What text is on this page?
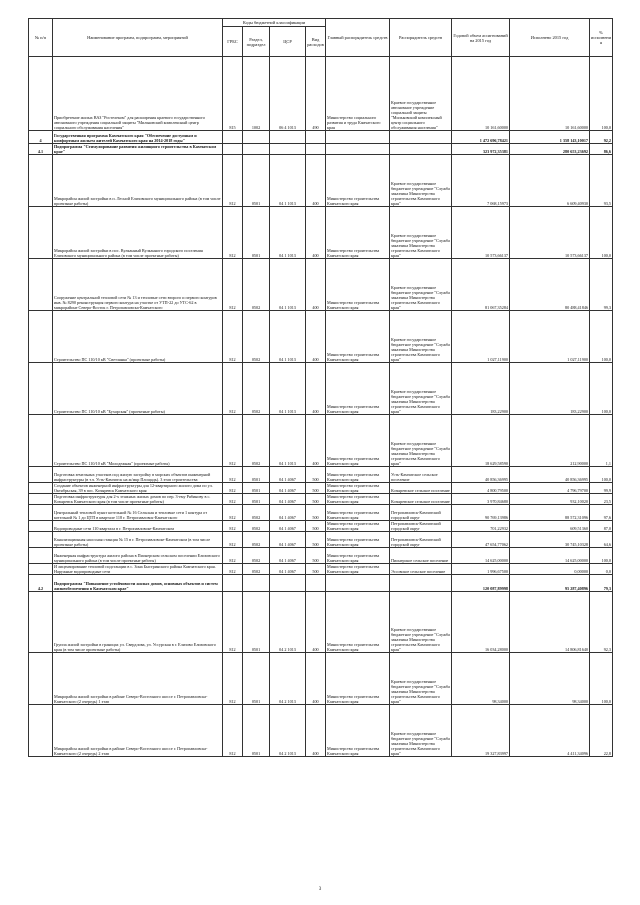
№ п/п	Наименование программ, подпрограмм, мероприятий	Коды бюджетной классификации				Главный распорядитель средств	Распорядитель средств	Годовой объем ассигнований на 2015 год	Исполнено 2015 год	% исполнения
		ГРБС	Раздел, подраздел	ЦСР	Вид расходов					
	Приобретение жилых ВАЗ "Ростелеком" для расширения краевого государственного автономного учреждения социальной защиты "Мильковский комплексный центр социального обслуживания населения"	815	1002	06 4 1013	490	Министерство социального развития и труда Камчатского края	Краевое государственное автономное учреждение социальной защиты "Мильковский комплексный центр социального обслуживания населения"	10 161,60000	10 161,60000	100,0
4	Государственная программа Камчатского края "Обеспечение доступным и комфортным жильем жителей Камчатского края на 2014-2018 годы"							1 472 696,78421	1 358 143,10017	92,2
4.1	Подпрограмма "Стимулирование развития жилищного строительства в Камчатском крае"							323 972,35381	280 653,23692	86,6
	Микрорайон жилой застройки в п. Лесной Елизовского муниципального района (в том числе проектные работы)	812	0501	04 1 1013	400	Министерство строительства Камчатского края	Краевое государственное бюджетное учреждение "Служба заказчика Министерства строительства Камчатского края"	7 068,15973	6 609,40930	93,5
	Микрорайон жилой застройки в пос. Вулканный Вулканного городского поселения Елизовского муниципального района (в том числе проектные работы)	812	0501	04 1 1013	400	Министерство строительства Камчатского края	Краевое государственное бюджетное учреждение "Служба заказчика Министерства строительства Камчатского края"	10 573,66137	10 573,66137	100,0
	Сооружение центральной тепловой сети № 13 и тепловые сети второго и первого контуров инв. № 8290 реконструкция первого контура на участке от УТП-22 до УТС-62 в микрорайоне Северо-Восток г. Петропавловска-Камчатского	812	0502	04 1 1013	400	Министерство строительства Камчатского края	Краевое государственное бюджетное учреждение "Служба заказчика Министерства строительства Камчатского края"	81 067,35284	80 488,41846	99,3
	Строительство ПС 110/10 кВ "Светлянка" (проектные работы)	812	0502	04 1 1013	400	Министерство строительства Камчатского края	Краевое государственное бюджетное учреждение "Служба заказчика Министерства строительства Камчатского края"	1 027,11900	1 027,11900	100,0
	Строительство ПС 110/10 кВ "Бухарская" (проектные работы)	812	0502	04 1 1013	400	Министерство строительства Камчатского края	Краевое государственное бюджетное учреждение "Служба заказчика Министерства строительства Камчатского края"	183,22900	183,22900	100,0
	Строительство ПС 110/10 кВ "Молодежная" (проектные работы)	812	0502	04 1 1013	400	Министерство строительства Камчатского края	Краевое государственное бюджетное учреждение "Служба заказчика Министерства строительства Камчатского края"	18 629,58590	212,90000	1,1
	Подготовка земельных участков под жилую застройку в морских объектов инженерной инфраструктуры (в т.ч. Усть-Камчатск на ж/мкр Площадь). 3 этап строительства	812	0501	04 1 4067	500	Министерство строительства Камчатского края	Усть-Камчатское сельское поселение	40 856,36995	40 856,36995	100,0
	Создание объектов инженерной инфраструктуры для 12-квартирного жилого дома по ул. Октябрьская, 39 в пос. Козыревск Камчатского края	812	0501	04 1 4067	500	Министерство строительства Камчатского края	Козыревское сельское поселение	4 800,79500	4 796,79700	99,9
	Подготовка инфраструктуры для 2-х этажных жилых домов по пер. 3-ему Рябинову в с. Козыревск Камчатского края (в том числе проектные работы)	812	0501	04 1 4067	500	Министерство строительства Камчатского края	Козыревское сельское поселение	3 970,84680	932,10020	23,5
	Центральный тепловой пункт котельной № 16 Сельская и тепловые сети 1 контура от котельной № 1 до ЦТП в квартале 118 г. Петропавловск-Камчатского	812	0502	04 1 4067	500	Министерство строительства Камчатского края	Петропавловск-Камчатский городской округ	90 769,13986	88 572,31096	97,6
	Водопроводные сети 110 квартала в г. Петропавловске-Камчатском	812	0502	04 1 4067	500	Министерство строительства Камчатского края	Петропавловск-Камчатский городской округ	701,22932	609,51360	87,0
	Канализационная насосная станция № 15 в г. Петропавловске-Камчатском (в том числе проектные работы)	812	0502	04 1 4067	500	Министерство строительства Камчатского края	Петропавловск-Камчатский городской округ	47 654,77062	30 745,10328	64,6
	Инженерная инфраструктура жилого района в Пионерском сельском поселении Елизовского муниципального района (в том числе проектные работы)	812	0502	04 1 4067	500	Министерство строительства Камчатского края	Пионерское сельское поселение	14 625,00000	14 625,00000	100,0
	И лицензирование тепловой подстанции в с. Зона Быстринского района Камчатского края. Наружные водопроводные сети	812	0502	04 1 4067	500	Министерство строительства Камчатского края	Эссовское сельское поселение	1 996,67500	0,00000	0,0
4.2	Подпрограмма "Повышение устойчивости жилых домов, основных объектов и систем жизнеобеспечения в Камчатском крае"							120 087,89998	95 287,40896	79,3
	Группа жилой застройки в границах ул. Свердлова, ул. Уссурская в г. Елизово Елизовского края (в том числе проектные работы)	812	0501	04 2 1013	400	Министерство строительства Камчатского края	Краевое государственное бюджетное учреждение "Служба заказчика Министерства строительства Камчатского края"	16 034,28000	14 806,81640	92,3
	Микрорайон жилой застройки в районе Северо-Восточного шоссе г. Петропавловска-Камчатского (2 очередь) 1 этап	812	0501	04 2 1013	400	Министерство строительства Камчатского края	Краевое государственное бюджетное учреждение "Служба заказчика Министерства строительства Камчатского края"	98,34000	98,34000	100,0
	Микрорайон жилой застройки в районе Северо-Восточного шоссе г. Петропавловска-Камчатского (2 очередь) 2 этап	812	0501	04 2 1013	400	Министерство строительства Камчатского края	Краевое государственное бюджетное учреждение "Служба заказчика Министерства строительства Камчатского края"	19 327,83997	4 411,34096	22,8
3
